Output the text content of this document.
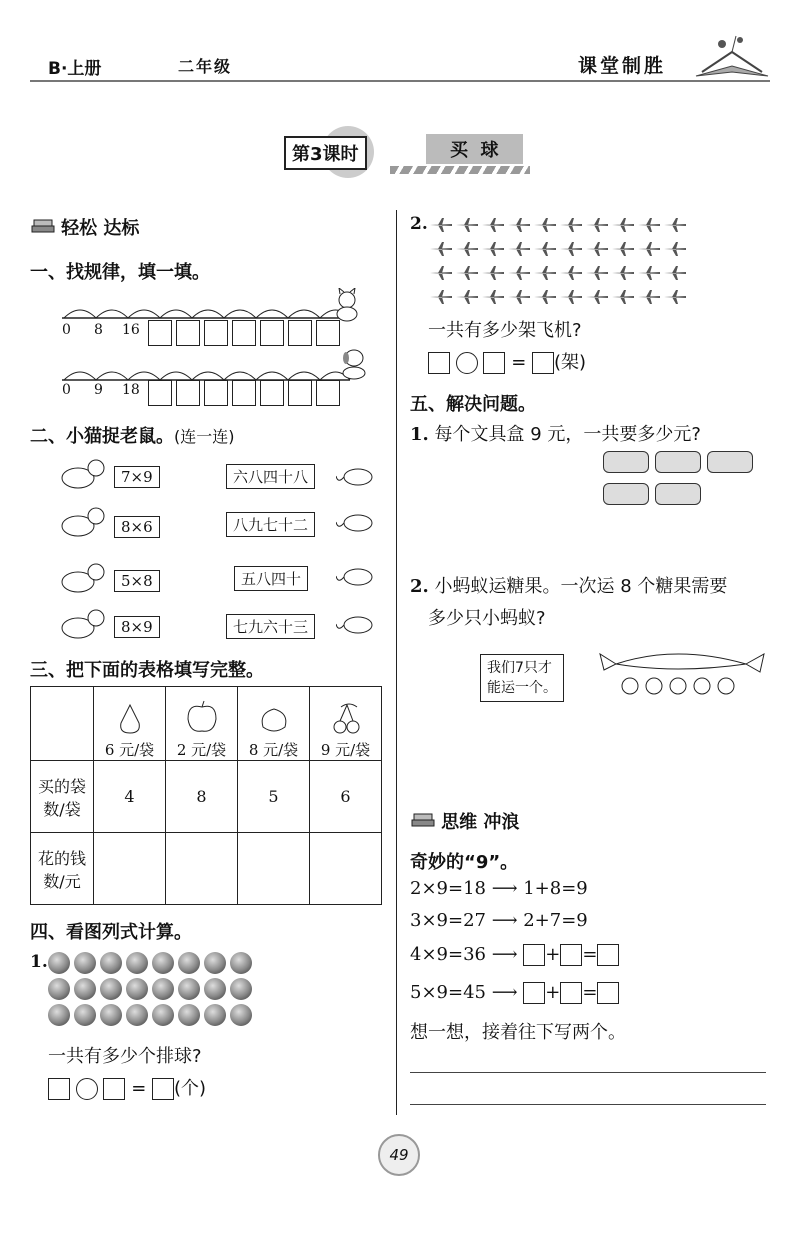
B·上册	二年级	课堂制胜
第3课时	买  球
轻松 达标
一、找规律，填一填。
0 8 16
0 9 18
二、小猫捉老鼠。(连一连)
7×9
8×6
5×8
8×9
六八四十八
八九七十二
五八四十
七九六十三
三、把下面的表格填写完整。

6 元/袋	2 元/袋	8 元/袋	9 元/袋
买的袋
数/袋	4	8	5	6
花的钱
数/元				
四、看图列式计算。
1.
一共有多少个排球?
= (个)
2.
一共有多少架飞机?
= (架)
五、解决问题。
1. 每个文具盒 9 元，一共要多少元?

2. 小蚂蚁运糖果。一次运 8 个糖果需要
多少只小蚂蚁?
我们7只才
能运一个。
思维 冲浪
奇妙的“9”。
2×9=18 ⟶ 1+8=9
3×9=27 ⟶ 2+7=9
4×9=36 ⟶ + =
5×9=45 ⟶ + =
想一想，接着往下写两个。
49
